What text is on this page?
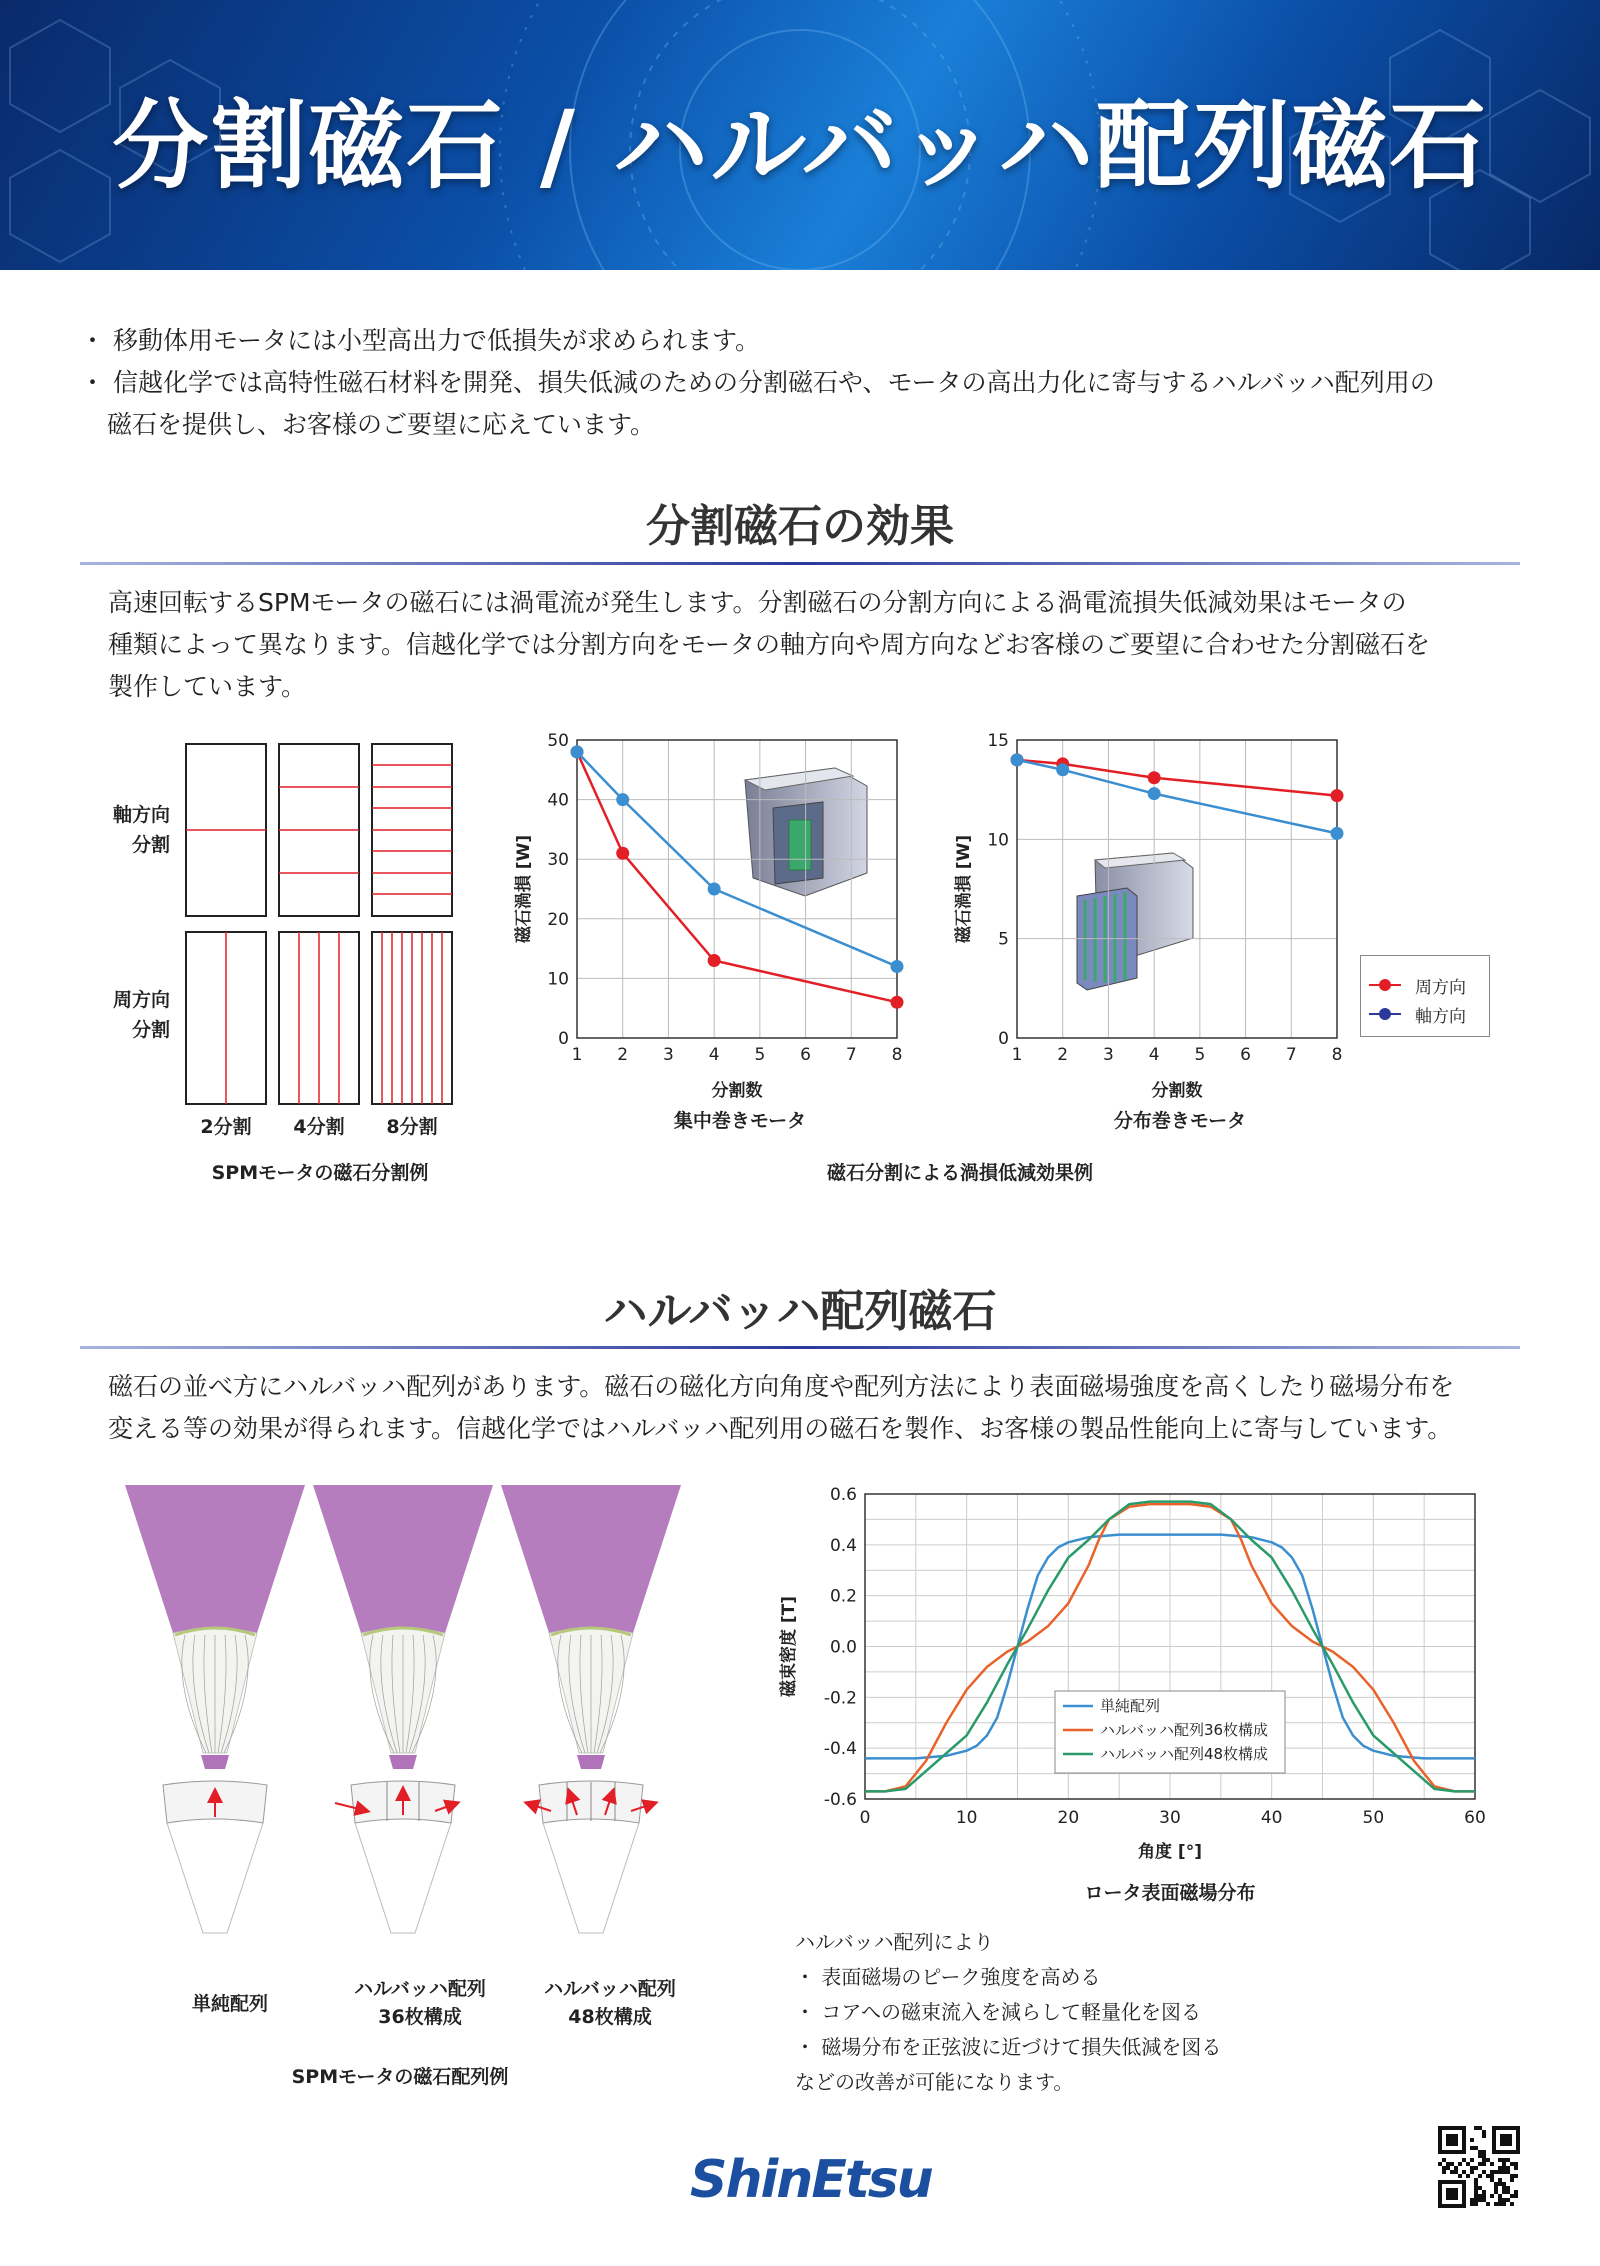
分割磁石 / ハルバッハ配列磁石

・ 移動体用モータには小型高出力で低損失が求められます。

・ 信越化学では高特性磁石材料を開発、損失低減のための分割磁石や、モータの高出力化に寄与するハルバッハ配列用の

磁石を提供し、お客様のご要望に応えています。

分割磁石の効果
高速回転するSPMモータの磁石には渦電流が発生します。分割磁石の分割方向による渦電流損失低減効果はモータの
種類によって異なります。信越化学では分割方向をモータの軸方向や周方向などお客様のご要望に合わせた分割磁石を
製作しています。
軸方向
分割
周方向
分割
2分割	4分割	8分割
SPMモータの磁石分割例
1 2 3 4 5 6 7 8
0
10
20
30
40
50
分割数
磁石渦損 [W]
集中巻きモータ
1 2 3 4 5 6 7 8
0
5
10
15
分割数
磁石渦損 [W]
分布巻きモータ
周方向
軸方向
磁石分割による渦損低減効果例
ハルバッハ配列磁石
磁石の並べ方にハルバッハ配列があります。磁石の磁化方向角度や配列方法により表面磁場強度を高くしたり磁場分布を
変える等の効果が得られます。信越化学ではハルバッハ配列用の磁石を製作、お客様の製品性能向上に寄与しています。
単純配列
ハルバッハ配列
36枚構成
ハルバッハ配列
48枚構成
SPMモータの磁石配列例
0	10	20	30	40	50	60
-0.6
-0.4
-0.2
0.0
0.2
0.4
0.6
角度 [°]
磁束密度 [T]
単純配列
ハルバッハ配列36枚構成
ハルバッハ配列48枚構成
ロータ表面磁場分布

ハルバッハ配列により

・ 表面磁場のピーク強度を高める

・ コアへの磁束流入を減らして軽量化を図る

・ 磁場分布を正弦波に近づけて損失低減を図る

などの改善が可能になります。

ShinEtsu
